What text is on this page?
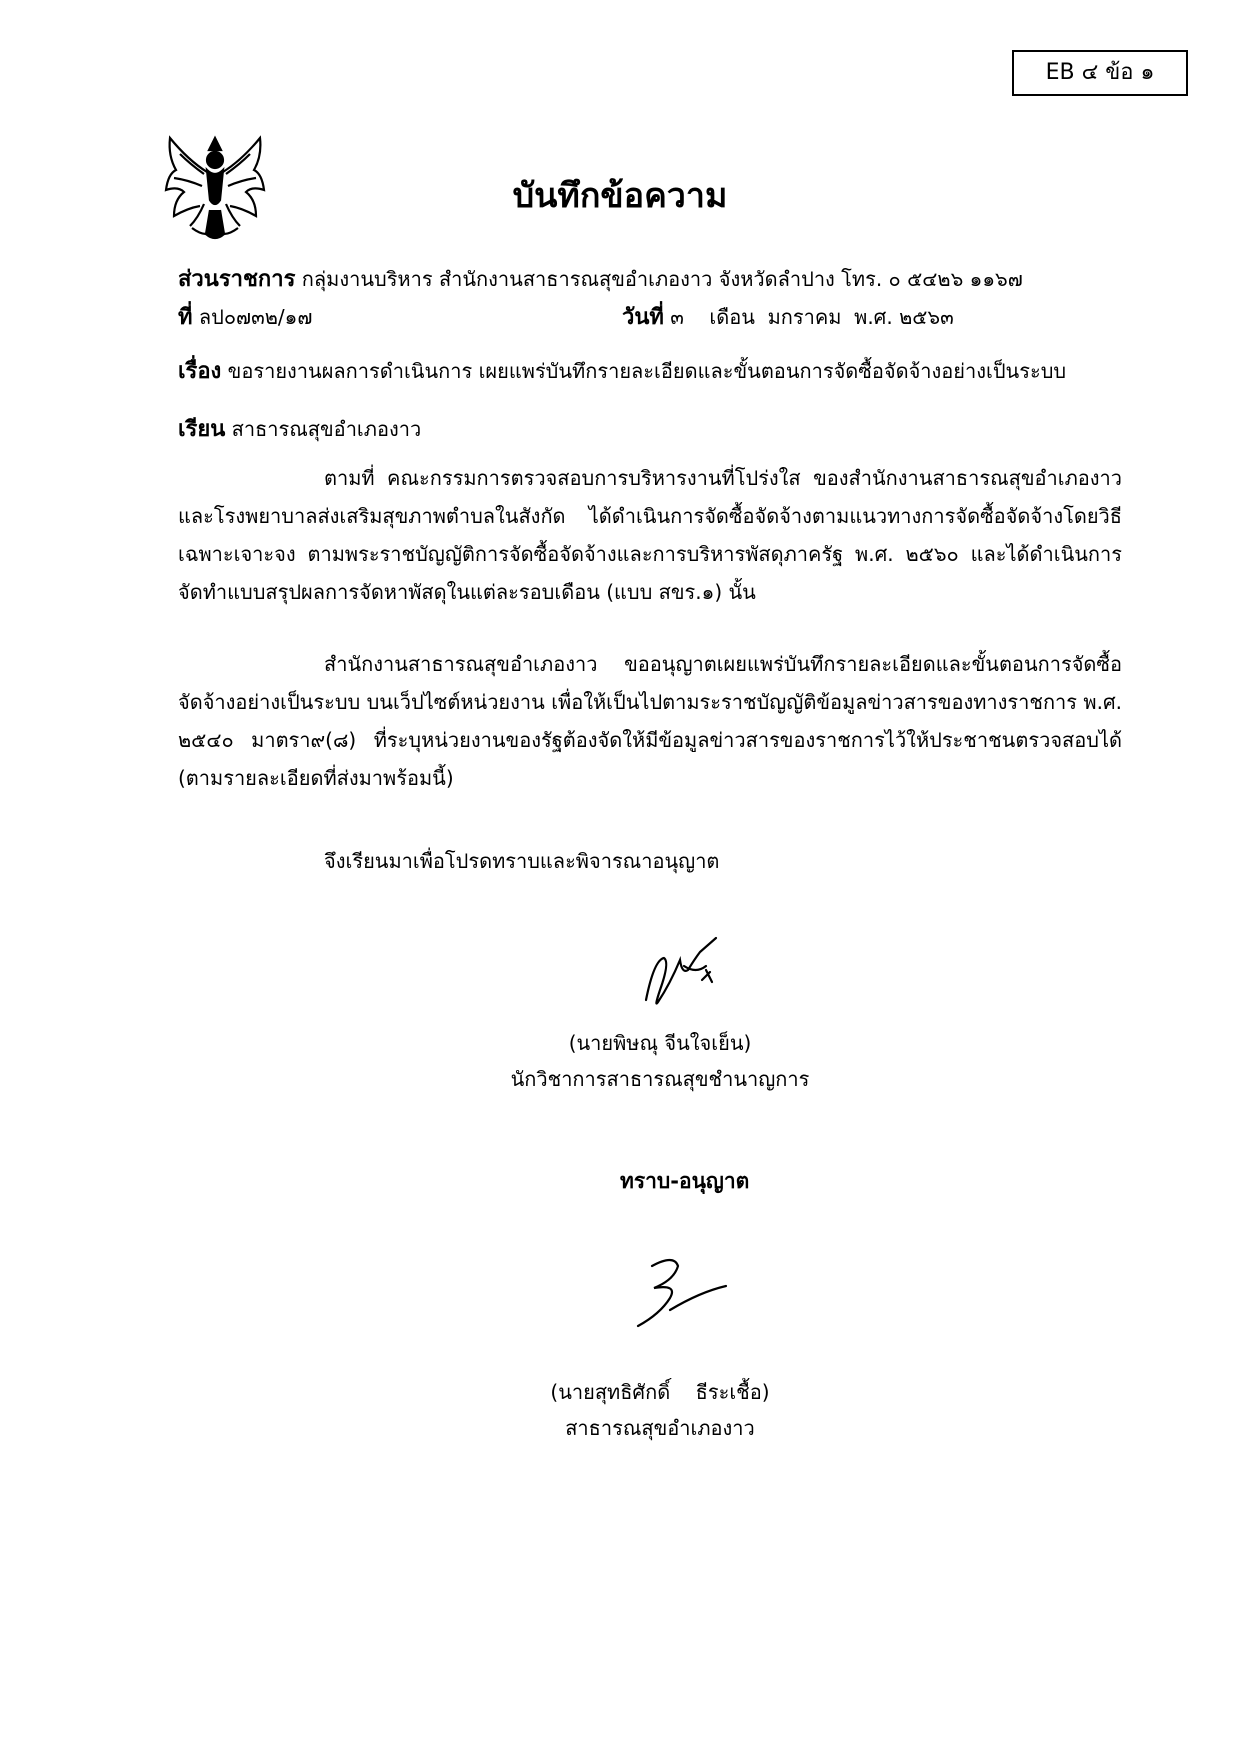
EB ๔ ข้อ ๑
บันทึกข้อความ
ส่วนราชการ กลุ่มงานบริหาร สำนักงานสาธารณสุขอำเภองาว จังหวัดลำปาง โทร. ๐ ๕๔๒๖ ๑๑๖๗
ที่ ลป๐๗๓๒/๑๗	วันที่ ๓    เดือน  มกราคม  พ.ศ. ๒๕๖๓
เรื่อง ขอรายงานผลการดำเนินการ เผยแพร่บันทึกรายละเอียดและขั้นตอนการจัดซื้อจัดจ้างอย่างเป็นระบบ
เรียน สาธารณสุขอำเภองาว
ตามที่ คณะกรรมการตรวจสอบการบริหารงานที่โปร่งใส ของสำนักงานสาธารณสุขอำเภองาว และโรงพยาบาลส่งเสริมสุขภาพตำบลในสังกัด ได้ดำเนินการจัดซื้อจัดจ้างตามแนวทางการจัดซื้อจัดจ้างโดยวิธีเฉพาะเจาะจง ตามพระราชบัญญัติการจัดซื้อจัดจ้างและการบริหารพัสดุภาครัฐ พ.ศ. ๒๕๖๐ และได้ดำเนินการจัดทำแบบสรุปผลการจัดหาพัสดุในแต่ละรอบเดือน (แบบ สขร.๑) นั้น
สำนักงานสาธารณสุขอำเภองาว ขออนุญาตเผยแพร่บันทึกรายละเอียดและขั้นตอนการจัดซื้อจัดจ้างอย่างเป็นระบบ บนเว็ปไซต์หน่วยงาน เพื่อให้เป็นไปตามระราชบัญญัติข้อมูลข่าวสารของทางราชการ พ.ศ. ๒๕๔๐ มาตรา๙(๘) ที่ระบุหน่วยงานของรัฐต้องจัดให้มีข้อมูลข่าวสารของราชการไว้ให้ประชาชนตรวจสอบได้ (ตามรายละเอียดที่ส่งมาพร้อมนี้)
จึงเรียนมาเพื่อโปรดทราบและพิจารณาอนุญาต
(นายพิษณุ จีนใจเย็น)
นักวิชาการสาธารณสุขชำนาญการ
ทราบ-อนุญาต
(นายสุทธิศักดิ์    ธีระเชื้อ)
สาธารณสุขอำเภองาว
